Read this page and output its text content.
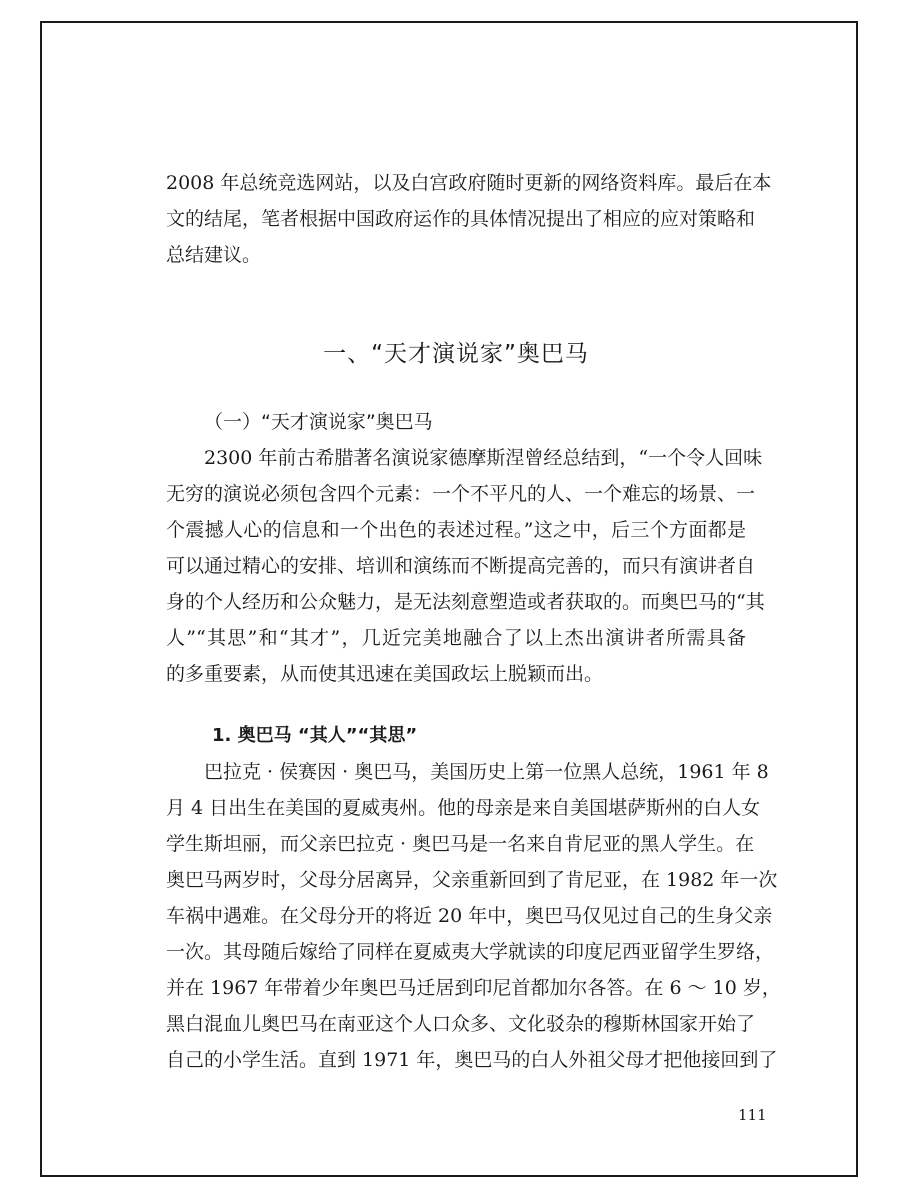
2008 年总统竞选网站，以及白宫政府随时更新的网络资料库。最后在本
文的结尾，笔者根据中国政府运作的具体情况提出了相应的应对策略和
总结建议。
一、“天才演说家”奥巴马
（一）“天才演说家”奥巴马
2300 年前古希腊著名演说家德摩斯涅曾经总结到，“一个令人回味
无穷的演说必须包含四个元素：一个不平凡的人、一个难忘的场景、一
个震撼人心的信息和一个出色的表述过程。”这之中，后三个方面都是
可以通过精心的安排、培训和演练而不断提高完善的，而只有演讲者自
身的个人经历和公众魅力，是无法刻意塑造或者获取的。而奥巴马的“其
人”“其思”和“其才”，几近完美地融合了以上杰出演讲者所需具备
的多重要素，从而使其迅速在美国政坛上脱颖而出。
1. 奥巴马 “其人”“其思”
巴拉克 · 侯赛因 · 奥巴马，美国历史上第一位黑人总统，1961 年 8
月 4 日出生在美国的夏威夷州。他的母亲是来自美国堪萨斯州的白人女
学生斯坦丽，而父亲巴拉克 · 奥巴马是一名来自肯尼亚的黑人学生。在
奥巴马两岁时，父母分居离异，父亲重新回到了肯尼亚，在 1982 年一次
车祸中遇难。在父母分开的将近 20 年中，奥巴马仅见过自己的生身父亲
一次。其母随后嫁给了同样在夏威夷大学就读的印度尼西亚留学生罗络，
并在 1967 年带着少年奥巴马迁居到印尼首都加尔各答。在 6 ～ 10 岁，
黑白混血儿奥巴马在南亚这个人口众多、文化驳杂的穆斯林国家开始了
自己的小学生活。直到 1971 年，奥巴马的白人外祖父母才把他接回到了
111
